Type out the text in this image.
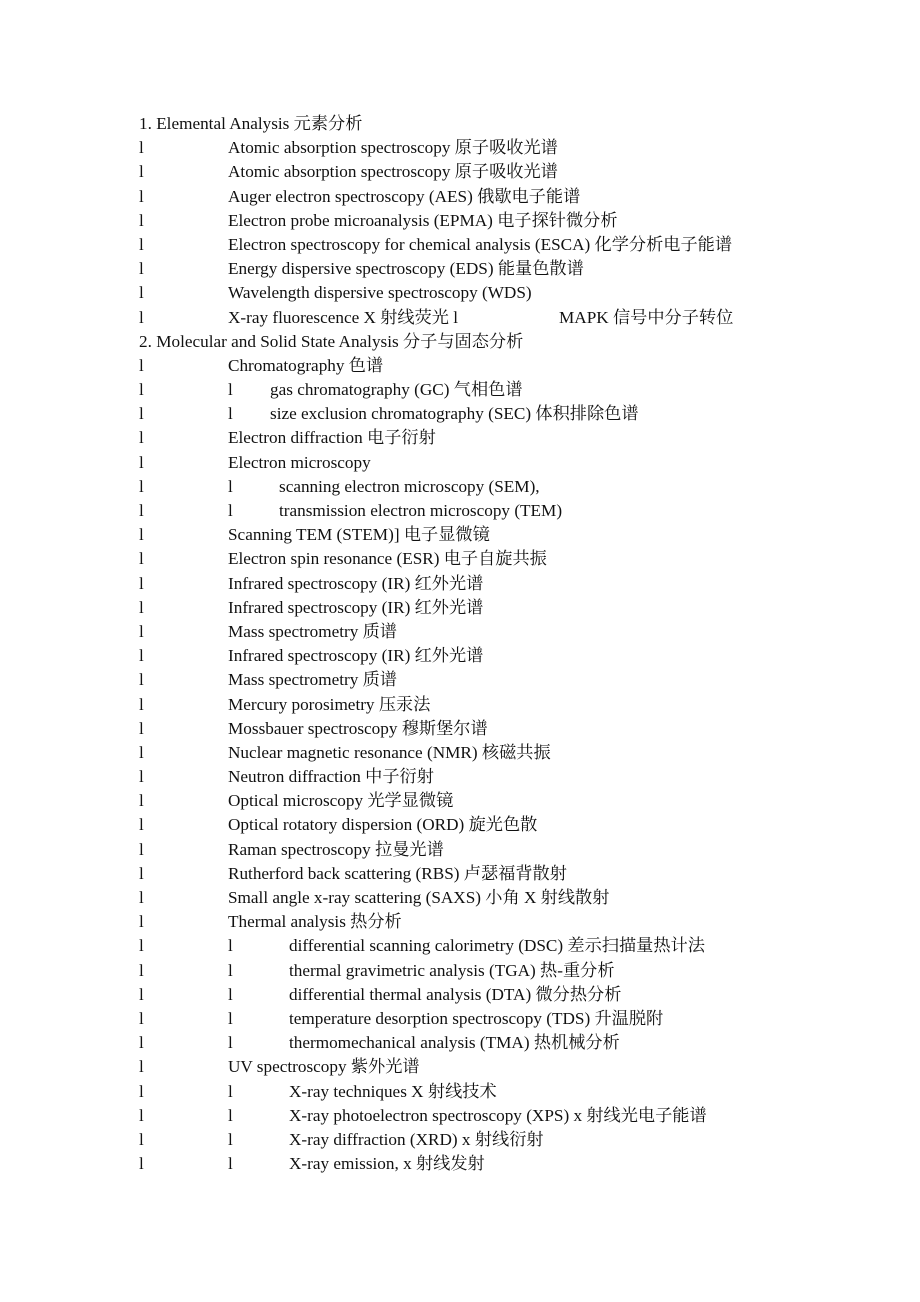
1. Elemental Analysis 元素分析
l	Atomic absorption spectroscopy 原子吸收光谱
l	Atomic absorption spectroscopy 原子吸收光谱
l	Auger electron spectroscopy (AES) 俄歇电子能谱
l	Electron probe microanalysis (EPMA) 电子探针微分析
l	Electron spectroscopy for chemical analysis (ESCA) 化学分析电子能谱
l	Energy dispersive spectroscopy (EDS) 能量色散谱
l	Wavelength dispersive spectroscopy (WDS)
l	X-ray fluorescence X 射线荧光 l	MAPK 信号中分子转位
2. Molecular and Solid State Analysis 分子与固态分析
l	Chromatography 色谱
l	l gas chromatography (GC) 气相色谱
l	l size exclusion chromatography (SEC) 体积排除色谱
l	Electron diffraction 电子衍射
l	Electron microscopy
l	l	scanning electron microscopy (SEM),
l	l	transmission electron microscopy (TEM)
l	Scanning TEM (STEM)] 电子显微镜
l	Electron spin resonance (ESR) 电子自旋共振
l	Infrared spectroscopy (IR) 红外光谱
l	Infrared spectroscopy (IR) 红外光谱
l	Mass spectrometry 质谱
l	Infrared spectroscopy (IR) 红外光谱
l	Mass spectrometry 质谱
l	Mercury porosimetry 压汞法
l	Mossbauer spectroscopy 穆斯堡尔谱
l	Nuclear magnetic resonance (NMR) 核磁共振
l	Neutron diffraction 中子衍射
l	Optical microscopy 光学显微镜
l	Optical rotatory dispersion (ORD) 旋光色散
l	Raman spectroscopy 拉曼光谱
l	Rutherford back scattering (RBS) 卢瑟福背散射
l	Small angle x-ray scattering (SAXS) 小角 X 射线散射
l	Thermal analysis 热分析
l	l	differential scanning calorimetry (DSC) 差示扫描量热计法
l	l	thermal gravimetric analysis (TGA) 热-重分析
l	l	differential thermal analysis (DTA) 微分热分析
l	l	temperature desorption spectroscopy (TDS) 升温脱附
l	l	thermomechanical analysis (TMA) 热机械分析
l	UV spectroscopy 紫外光谱
l	l	X-ray techniques X 射线技术
l	l	X-ray photoelectron spectroscopy (XPS) x 射线光电子能谱
l	l	X-ray diffraction (XRD) x 射线衍射
l	l	X-ray emission, x 射线发射
